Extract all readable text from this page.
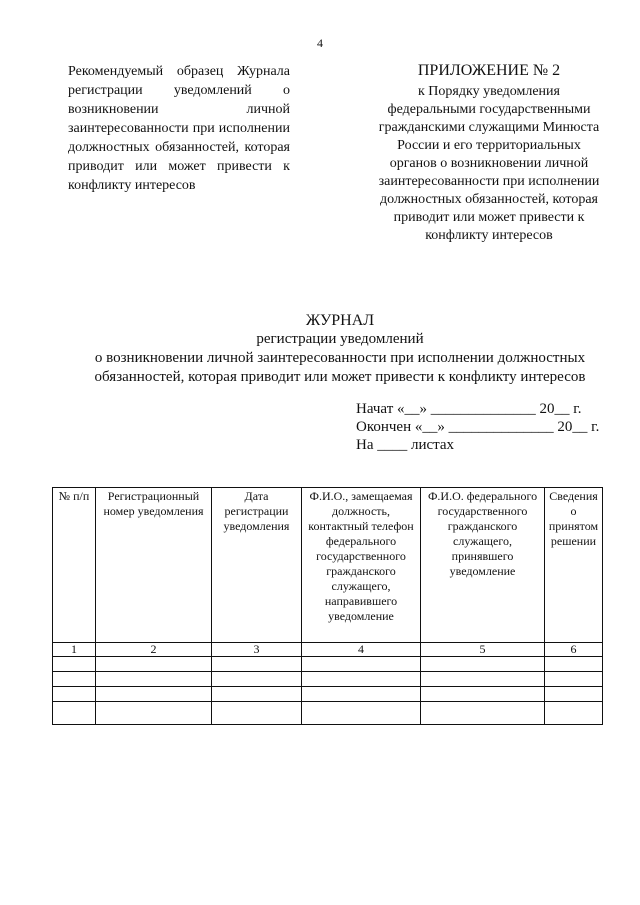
4
Рекомендуемый образец Журнала регистрации уведомлений о возникновении личной заинтересованности при исполнении должностных обязанностей, которая приводит или может привести к конфликту интересов
ПРИЛОЖЕНИЕ № 2
к Порядку уведомления
федеральными государственными
гражданскими служащими Минюста
России и его территориальных
органов о возникновении личной
заинтересованности при исполнении
должностных обязанностей, которая
приводит или может привести к
конфликту интересов
ЖУРНАЛ
регистрации уведомлений
о возникновении личной заинтересованности при исполнении должностных
обязанностей, которая приводит или может привести к конфликту интересов
Начат «__» ______________ 20__ г.
Окончен «__» ______________ 20__ г.
На ____ листах
№ п/п	Регистрационный номер уведомления	Дата регистрации уведомления	Ф.И.О., замещаемая должность, контактный телефон федерального государственного гражданского служащего, направившего уведомление	Ф.И.О. федерального государственного гражданского служащего, принявшего уведомление	Сведения о принятом решении
1	2	3	4	5	6
